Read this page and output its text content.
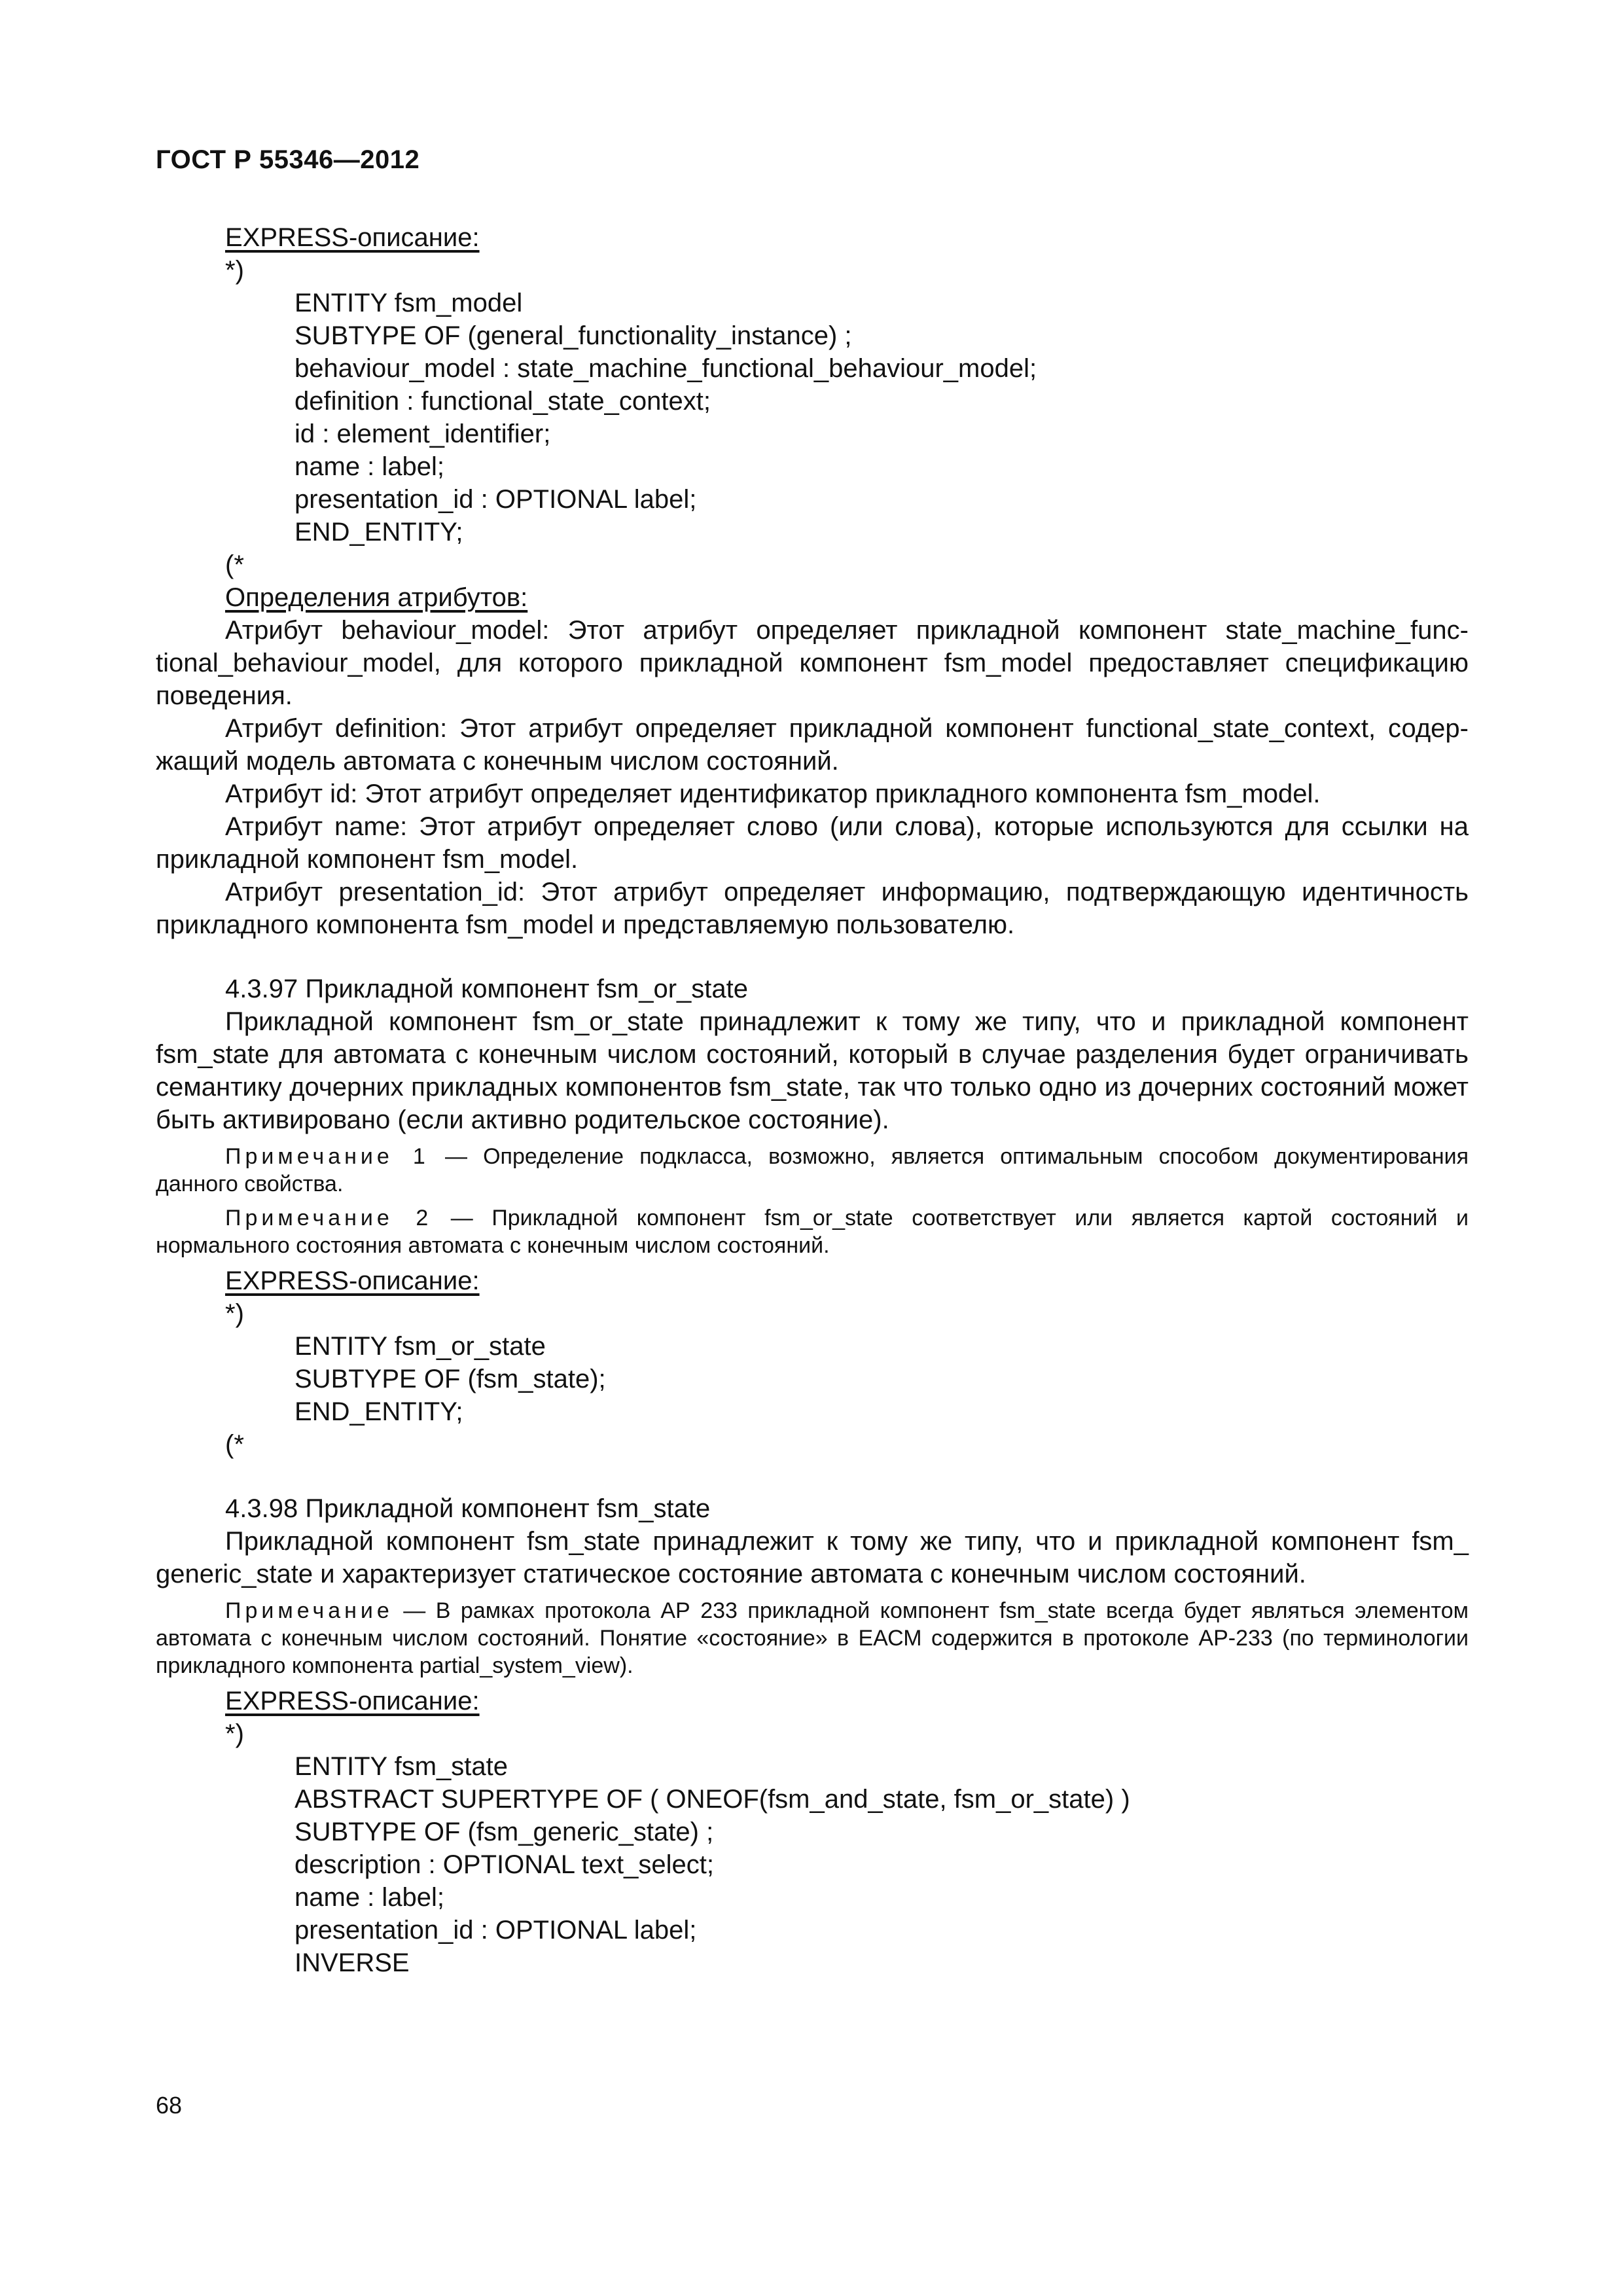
ГОСТ Р 55346—2012
EXPRESS-описание:
*)
ENTITY fsm_model
SUBTYPE OF (general_functionality_instance) ;
behaviour_model : state_machine_functional_behaviour_model;
definition : functional_state_context;
id : element_identifier;
name : label;
presentation_id : OPTIONAL label;
END_ENTITY;
(*
Определения атрибутов:
Атрибут behaviour_model: Этот атрибут определяет прикладной компонент state_machine_functional_behaviour_model, для которого прикладной компонент fsm_model предоставляет спецификацию поведения.
Атрибут definition: Этот атрибут определяет прикладной компонент functional_state_context, содержащий модель автомата с конечным числом состояний.
Атрибут id: Этот атрибут определяет идентификатор прикладного компонента fsm_model.
Атрибут name: Этот атрибут определяет слово (или слова), которые используются для ссылки на прикладной компонент fsm_model.
Атрибут presentation_id: Этот атрибут определяет информацию, подтверждающую идентичность прикладного компонента fsm_model и представляемую пользователю.
4.3.97 Прикладной компонент fsm_or_state
Прикладной компонент fsm_or_state принадлежит к тому же типу, что и прикладной компонент fsm_state для автомата с конечным числом состояний, который в случае разделения будет ограничивать семантику дочерних прикладных компонентов fsm_state, так что только одно из дочерних состояний может быть активировано (если активно родительское состояние).
Примечание 1 — Определение подкласса, возможно, является оптимальным способом документирования данного свойства.
Примечание 2 — Прикладной компонент fsm_or_state соответствует или является картой состояний и нормального состояния автомата с конечным числом состояний.
EXPRESS-описание:
*)
ENTITY fsm_or_state
SUBTYPE OF (fsm_state);
END_ENTITY;
(*
4.3.98 Прикладной компонент fsm_state
Прикладной компонент fsm_state принадлежит к тому же типу, что и прикладной компонент fsm_ generic_state и характеризует статическое состояние автомата с конечным числом состояний.
Примечание — В рамках протокола АР 233 прикладной компонент fsm_state всегда будет являться элементом автомата с конечным числом состояний. Понятие «состояние» в ЕАСМ содержится в протоколе АР-233 (по терминологии прикладного компонента partial_system_view).
EXPRESS-описание:
*)
ENTITY fsm_state
ABSTRACT SUPERTYPE OF ( ONEOF(fsm_and_state, fsm_or_state) )
SUBTYPE OF (fsm_generic_state) ;
description : OPTIONAL text_select;
name : label;
presentation_id : OPTIONAL label;
INVERSE
68
